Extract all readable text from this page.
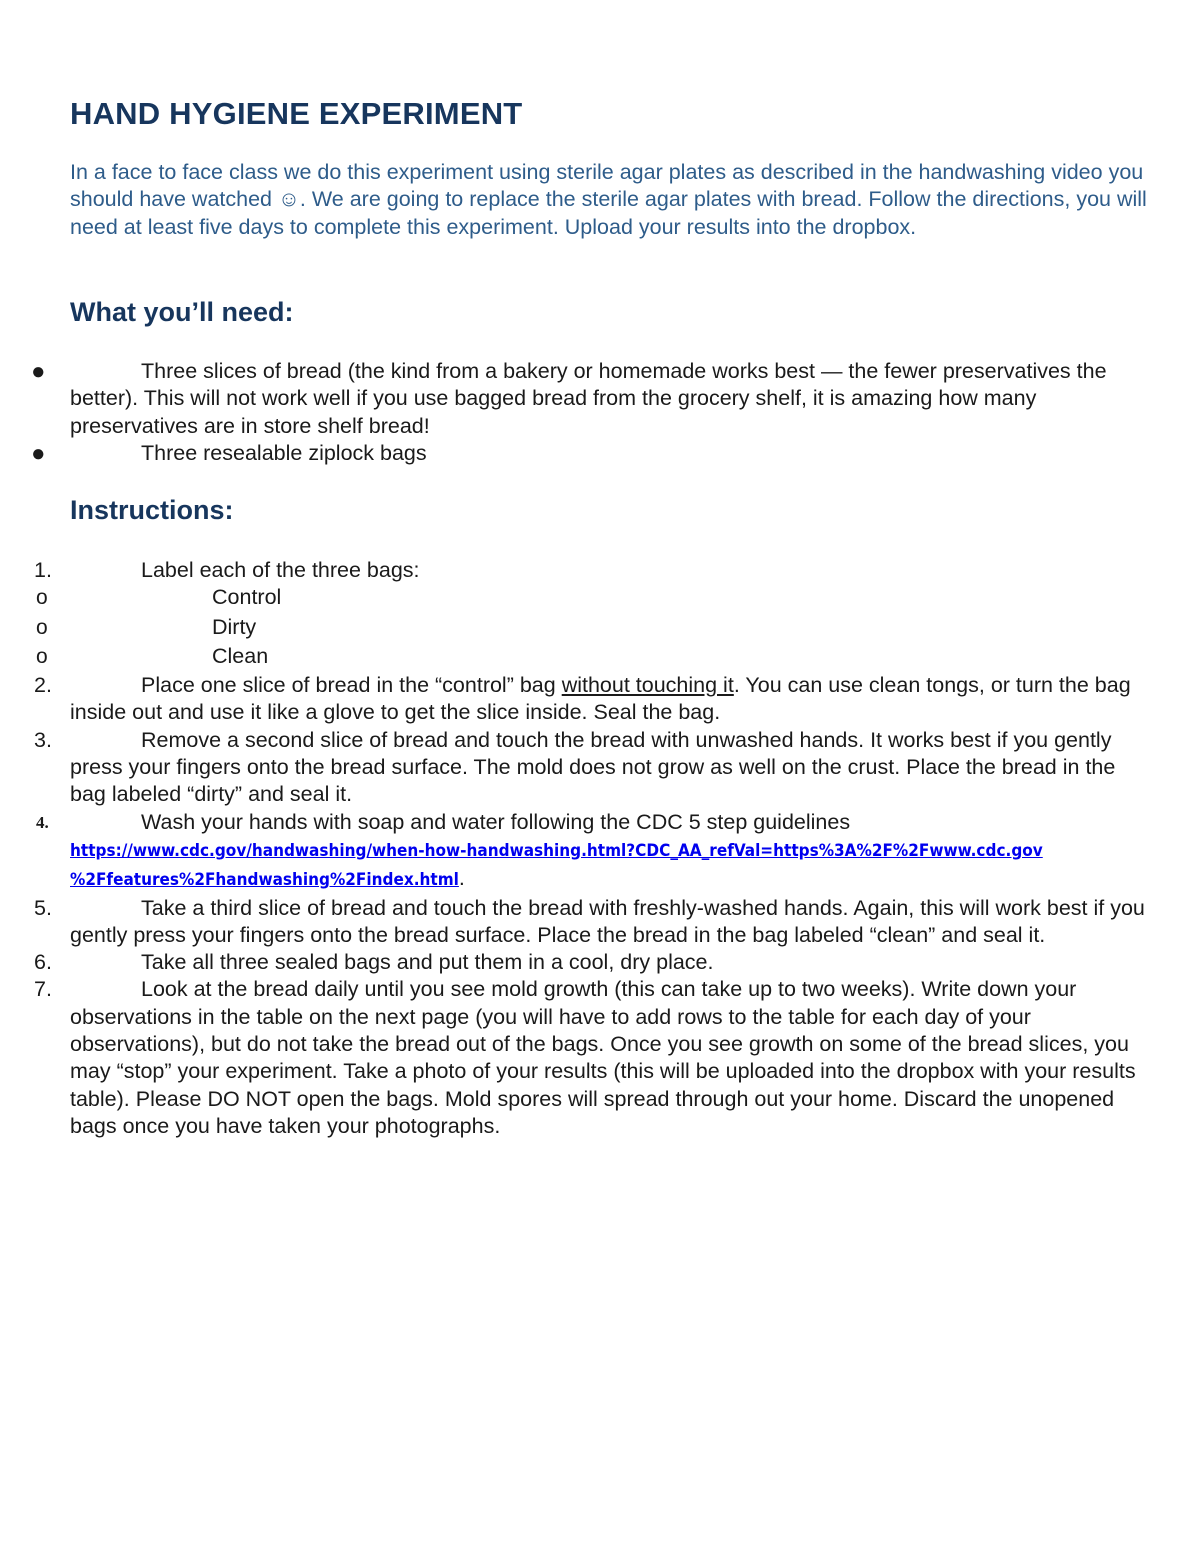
HAND HYGIENE EXPERIMENT

In a face to face class we do this experiment using sterile agar plates as described in the handwashing video you should have watched ☺. We are going to replace the sterile agar plates with bread. Follow the directions, you will need at least five days to complete this experiment. Upload your results into the dropbox.

What you’ll need:
●	Three slices of bread (the kind from a bakery or homemade works best — the fewer preservatives the better). This will not work well if you use bagged bread from the grocery shelf, it is amazing how many preservatives are in store shelf bread!
●	Three resealable ziplock bags
Instructions:
1.	Label each of the three bags:
o	Control
o	Dirty
o	Clean
2.	Place one slice of bread in the “control” bag without touching it. You can use clean tongs, or turn the bag inside out and use it like a glove to get the slice inside. Seal the bag.
3.	Remove a second slice of bread and touch the bread with unwashed hands. It works best if you gently press your fingers onto the bread surface. The mold does not grow as well on the crust. Place the bread in the bag labeled “dirty” and seal it.
4.	Wash your hands with soap and water following the CDC 5 step guidelines
https://www.cdc.gov/handwashing/when-how-handwashing.html?CDC_AA_refVal=https%3A%2F%2Fwww.cdc.gov
%2Ffeatures%2Fhandwashing%2Findex.html.
5.	Take a third slice of bread and touch the bread with freshly-washed hands. Again, this will work best if you gently press your fingers onto the bread surface. Place the bread in the bag labeled “clean” and seal it.
6.	Take all three sealed bags and put them in a cool, dry place.
7.	Look at the bread daily until you see mold growth (this can take up to two weeks). Write down your observations in the table on the next page (you will have to add rows to the table for each day of your observations), but do not take the bread out of the bags. Once you see growth on some of the bread slices, you may “stop” your experiment. Take a photo of your results (this will be uploaded into the dropbox with your results table). Please DO NOT open the bags. Mold spores will spread through out your home. Discard the unopened bags once you have taken your photographs.
